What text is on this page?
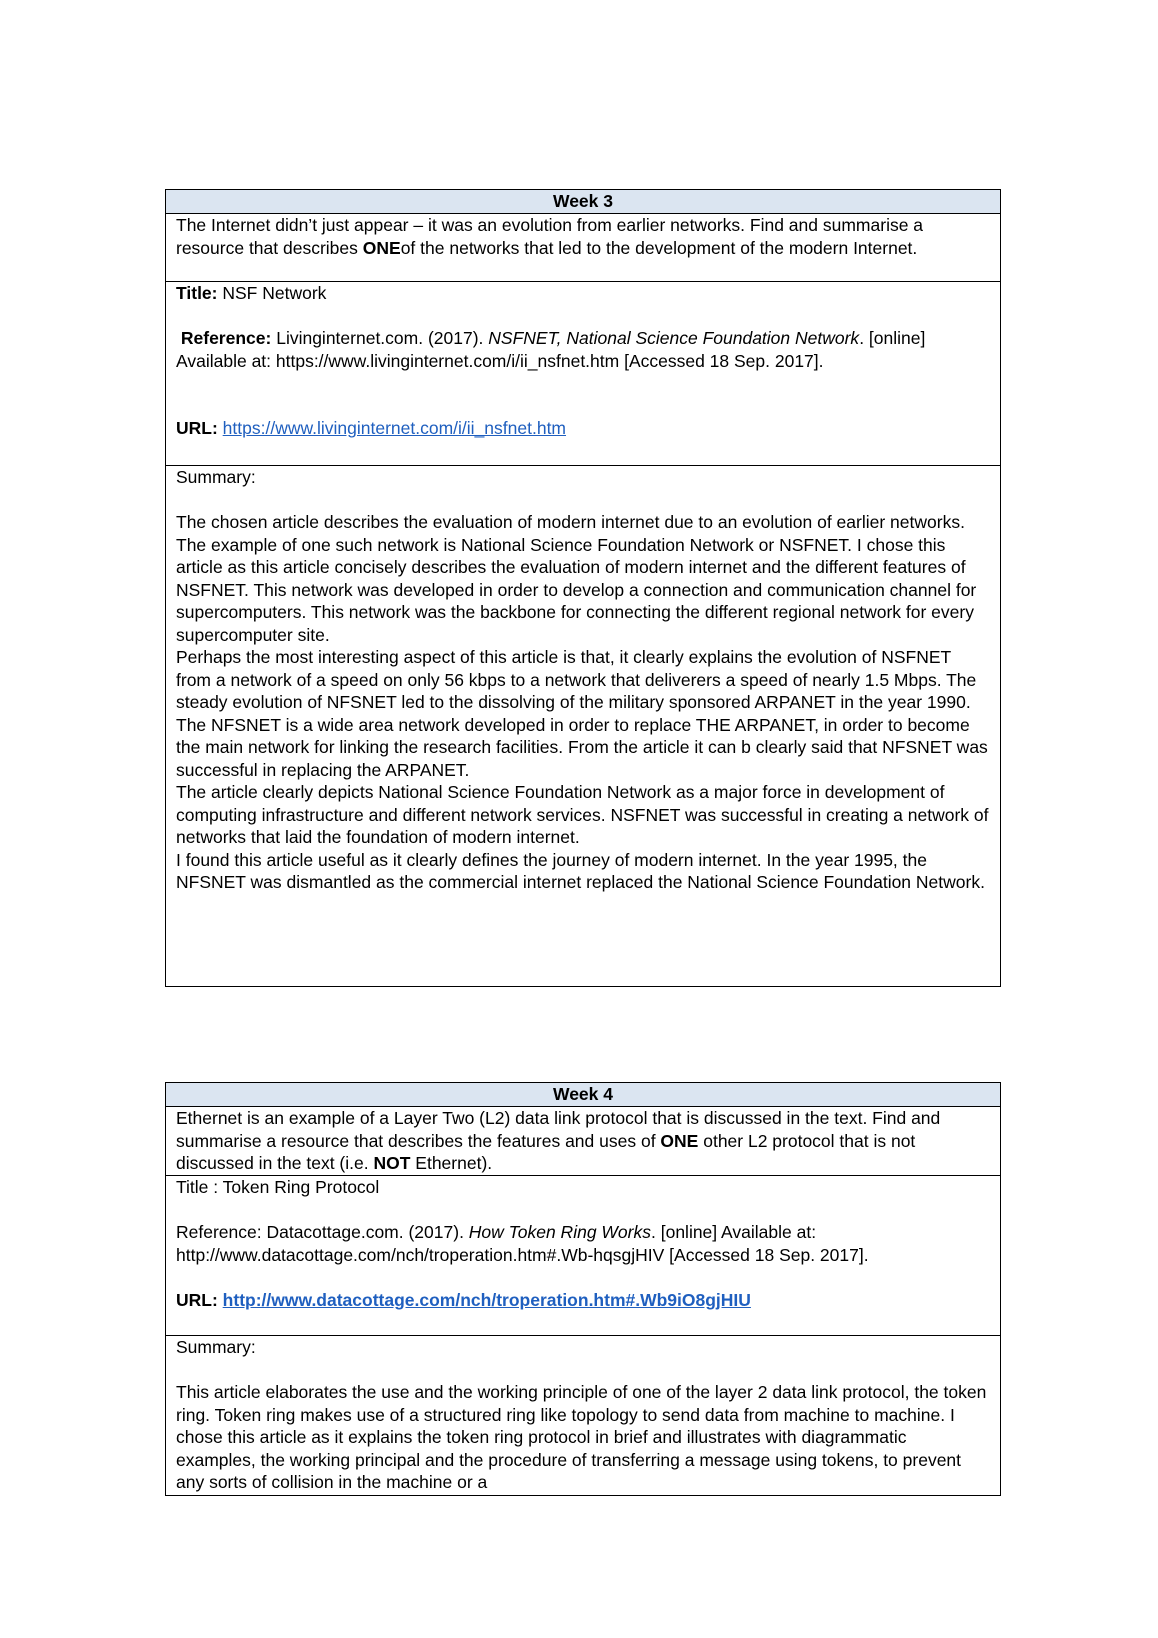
Week 3

The Internet didn’t just appear – it was an evolution from earlier networks. Find and summarise a resource that describes ONEof the networks that led to the development of the modern Internet.

Title: NSF Network

Reference: Livinginternet.com. (2017). NSFNET, National Science Foundation Network. [online] Available at: https://www.livinginternet.com/i/ii_nsfnet.htm [Accessed 18 Sep. 2017].

URL: https://www.livinginternet.com/i/ii_nsfnet.htm

Summary:

The chosen article describes the evaluation of modern internet due to an evolution of earlier networks. The example of one such network is National Science Foundation Network or NSFNET. I chose this article as this article concisely describes the evaluation of modern internet and the different features of NSFNET. This network was developed in order to develop a connection and communication channel for supercomputers. This network was the backbone for connecting the different regional network for every supercomputer site.

Perhaps the most interesting aspect of this article is that, it clearly explains the evolution of NSFNET from a network of a speed on only 56 kbps to a network that deliverers a speed of nearly 1.5 Mbps. The steady evolution of NFSNET led to the dissolving of the military sponsored ARPANET in the year 1990. The NFSNET is a wide area network developed in order to replace THE ARPANET, in order to become the main network for linking the research facilities. From the article it can b clearly said that NFSNET was successful in replacing the ARPANET.

The article clearly depicts National Science Foundation Network as a major force in development of computing infrastructure and different network services. NSFNET was successful in creating a network of networks that laid the foundation of modern internet.

I found this article useful as it clearly defines the journey of modern internet. In the year 1995, the NFSNET was dismantled as the commercial internet replaced the National Science Foundation Network.

Week 4

Ethernet is an example of a Layer Two (L2) data link protocol that is discussed in the text. Find and summarise a resource that describes the features and uses of ONE other L2 protocol that is not discussed in the text (i.e. NOT Ethernet).

Title : Token Ring Protocol

Reference: Datacottage.com. (2017). How Token Ring Works. [online] Available at: http://www.datacottage.com/nch/troperation.htm#.Wb-hqsgjHIV [Accessed 18 Sep. 2017].

URL: http://www.datacottage.com/nch/troperation.htm#.Wb9iO8gjHIU

Summary:

This article elaborates the use and the working principle of one of the layer 2 data link protocol, the token ring. Token ring makes use of a structured ring like topology to send data from machine to machine. I chose this article as it explains the token ring protocol in brief and illustrates with diagrammatic examples, the working principal and the procedure of transferring a message using tokens, to prevent any sorts of collision in the machine or a
